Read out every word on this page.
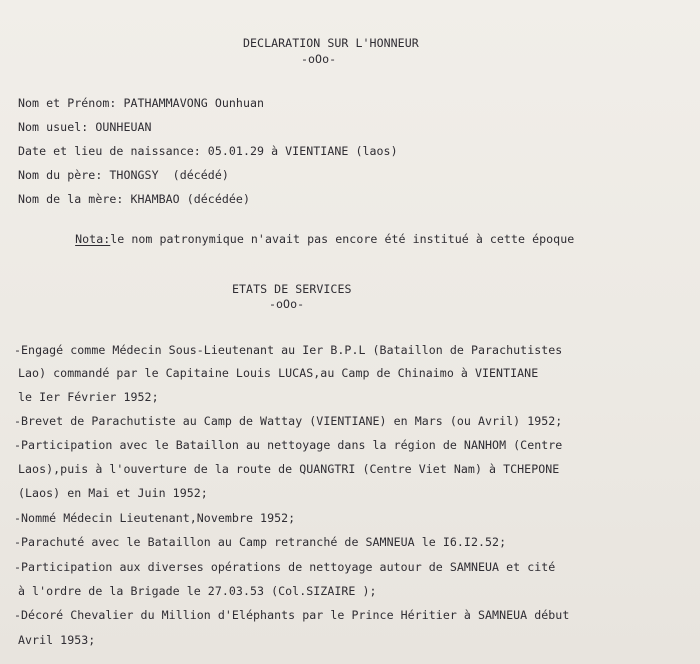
DECLARATION SUR L'HONNEUR
-oOo-
Nom et Prénom: PATHAMMAVONG Ounhuan
Nom usuel: OUNHEUAN
Date et lieu de naissance: 05.01.29 à VIENTIANE (laos)
Nom du père: THONGSY  (décédé)
Nom de la mère: KHAMBAO (décédée)

Nota:le nom patronymique n'avait pas encore été institué à cette époque

ETATS DE SERVICES
-oOo-
-Engagé comme Médecin Sous-Lieutenant au Ier B.P.L (Bataillon de Parachutistes
Lao) commandé par le Capitaine Louis LUCAS,au Camp de Chinaimo à VIENTIANE
le Ier Février 1952;
-Brevet de Parachutiste au Camp de Wattay (VIENTIANE) en Mars (ou Avril) 1952;
-Participation avec le Bataillon au nettoyage dans la région de NANHOM (Centre
Laos),puis à l'ouverture de la route de QUANGTRI (Centre Viet Nam) à TCHEPONE
(Laos) en Mai et Juin 1952;
-Nommé Médecin Lieutenant,Novembre 1952;
-Parachuté avec le Bataillon au Camp retranché de SAMNEUA le I6.I2.52;
-Participation aux diverses opérations de nettoyage autour de SAMNEUA et cité
à l'ordre de la Brigade le 27.03.53 (Col.SIZAIRE );
-Décoré Chevalier du Million d'Eléphants par le Prince Héritier à SAMNEUA début
Avril 1953;
